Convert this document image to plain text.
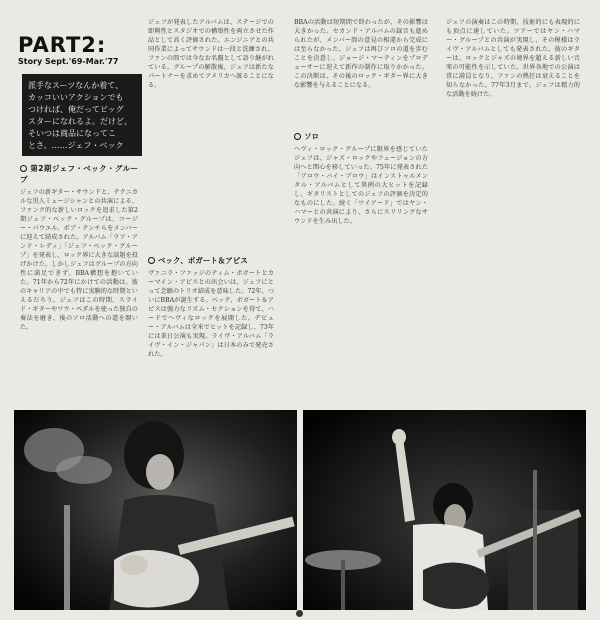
PART2:
Story Sept.'69-Mar.'77
派手なスーツなんか着て、
カッコいいアクションでも
つければ、俺だってビッグ
スターになれるよ。だけど、
そいつは商品になってこ
とさ。……ジェフ・ベック
第2期ジェフ・ベック・グループ

ジェフの新ギター・サウンドと、テクニカルな黒人ミュージシャンとの共演による、ファンク的な新しいロックを追求した第2期ジェフ・ベック・グループは、コージー・パウエル、ボブ・テンチらをメンバーに迎えて結成された。アルバム「ラフ・アンド・レディ」「ジェフ・ベック・グループ」を発表し、ロック界に大きな話題を投げかけた。しかしジェフはグループの方向性に満足できず、BBA構想を抱いていた。71年から72年にかけての活動は、彼のキャリアの中でも特に実験的な時期といえるだろう。ジェフはこの時期、スライド・ギターやワウ・ペダルを使った独自の奏法を磨き、後のソロ活動への道を開いた。

ジェフが発表したアルバムは、ステージでの即興性とスタジオでの構築性を両立させた作品として高く評価された。エンジニアとの共同作業によってサウンドは一段と洗練され、ファンの間では今なお名盤として語り継がれている。グループの解散後、ジェフは新たなパートナーを求めてアメリカへ渡ることになる。

ベック、ボガート＆アピス

ヴァニラ・ファッジのティム・ボガートとカーマイン・アピスとの出会いは、ジェフにとって念願のトリオ結成を意味した。72年、ついにBBAが誕生する。ベック、ボガート＆アピスは強力なリズム・セクションを得て、ハードでヘヴィなロックを展開した。デビュー・アルバムは全米でヒットを記録し、73年には来日公演も実現。ライヴ・アルバム「ライヴ・イン・ジャパン」は日本のみで発売された。

BBAの活動は短期間で終わったが、その影響は大きかった。セカンド・アルバムの録音も進められたが、メンバー間の意見の相違から完成には至らなかった。ジェフは再びソロの道を歩むことを決意し、ジョージ・マーティンをプロデューサーに迎えて新作の制作に取りかかった。この決断は、その後のロック・ギター界に大きな影響を与えることになる。

ソロ

ヘヴィ・ロック・グループに限界を感じていたジェフは、ジャズ・ロックやフュージョンの方向へと関心を移していった。75年に発表された「ブロウ・バイ・ブロウ」はインストゥルメンタル・アルバムとして異例の大ヒットを記録し、ギタリストとしてのジェフの評価を決定的なものにした。続く「ワイアード」ではヤン・ハマーとの共演により、さらにスリリングなサウンドを生み出した。

ジェフの演奏はこの時期、技術的にも表現的にも頂点に達していた。ツアーではヤン・ハマー・グループとの共演が実現し、その模様はライヴ・アルバムとしても発表された。彼のギターは、ロックとジャズの境界を超える新しい音楽の可能性を示していた。世界各地での公演は常に満員となり、ファンの熱狂は衰えることを知らなかった。77年3月まで、ジェフは精力的な活動を続けた。
